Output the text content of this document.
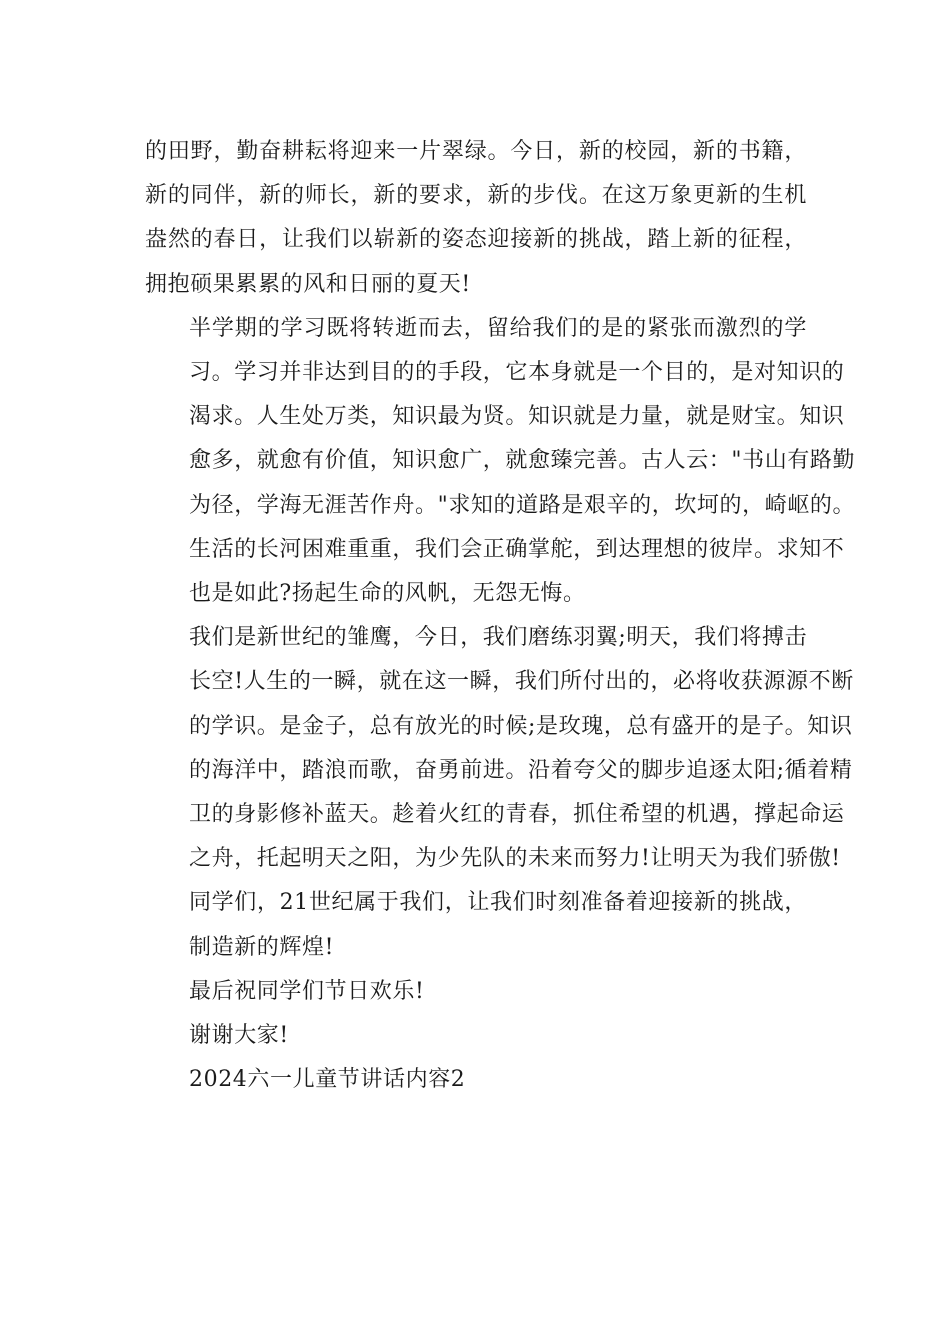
的田野，勤奋耕耘将迎来一片翠绿。今日，新的校园，新的书籍，
新的同伴，新的师长，新的要求，新的步伐。在这万象更新的生机
盎然的春日，让我们以崭新的姿态迎接新的挑战，踏上新的征程，
拥抱硕果累累的风和日丽的夏天!

半学期的学习既将转逝而去，留给我们的是的紧张而激烈的学
习。学习并非达到目的的手段，它本身就是一个目的，是对知识的
渴求。人生处万类，知识最为贤。知识就是力量，就是财宝。知识
愈多，就愈有价值，知识愈广，就愈臻完善。古人云："书山有路勤
为径，学海无涯苦作舟。"求知的道路是艰辛的，坎坷的，崎岖的。
生活的长河困难重重，我们会正确掌舵，到达理想的彼岸。求知不
也是如此?扬起生命的风帆，无怨无悔。

我们是新世纪的雏鹰，今日，我们磨练羽翼;明天，我们将搏击
长空!人生的一瞬，就在这一瞬，我们所付出的，必将收获源源不断
的学识。是金子，总有放光的时候;是玫瑰，总有盛开的是子。知识
的海洋中，踏浪而歌，奋勇前进。沿着夸父的脚步追逐太阳;循着精
卫的身影修补蓝天。趁着火红的青春，抓住希望的机遇，撑起命运
之舟，托起明天之阳，为少先队的未来而努力!让明天为我们骄傲!

同学们，21世纪属于我们，让我们时刻准备着迎接新的挑战，
制造新的辉煌!

最后祝同学们节日欢乐!

谢谢大家!

2024六一儿童节讲话内容2
